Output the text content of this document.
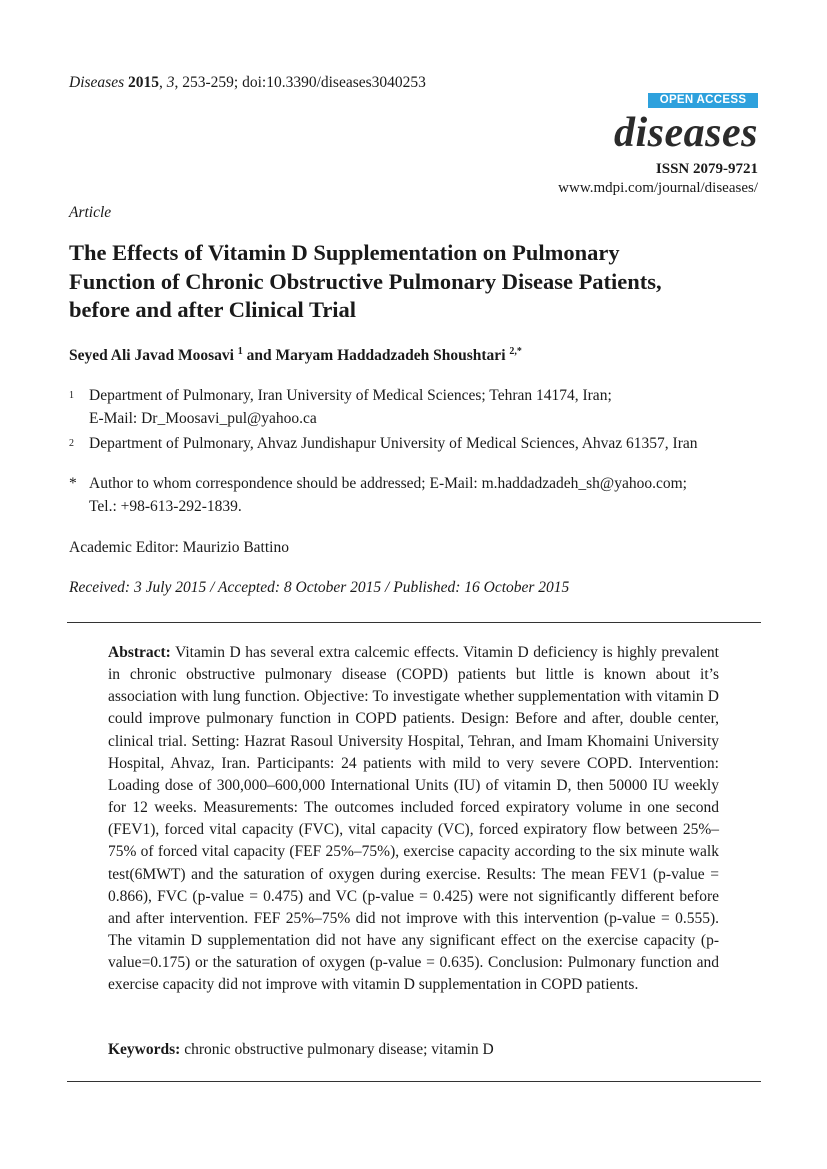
Diseases 2015, 3, 253-259; doi:10.3390/diseases3040253
OPEN ACCESS
diseases
ISSN 2079-9721
www.mdpi.com/journal/diseases/
Article
The Effects of Vitamin D Supplementation on Pulmonary
Function of Chronic Obstructive Pulmonary Disease Patients,
before and after Clinical Trial
Seyed Ali Javad Moosavi $^1$ and Maryam Haddadzadeh Shoushtari $^{2,*}$
1 Department of Pulmonary, Iran University of Medical Sciences; Tehran 14174, Iran;
E-Mail: Dr_Moosavi_pul@yahoo.ca
2 Department of Pulmonary, Ahvaz Jundishapur University of Medical Sciences, Ahvaz 61357, Iran
* Author to whom correspondence should be addressed; E-Mail: m.haddadzadeh_sh@yahoo.com;
Tel.: +98-613-292-1839.
Academic Editor: Maurizio Battino
Received: 3 July 2015 / Accepted: 8 October 2015 / Published: 16 October 2015
Abstract: Vitamin D has several extra calcemic effects. Vitamin D deficiency is highly prevalent in chronic obstructive pulmonary disease (COPD) patients but little is known about it’s association with lung function. Objective: To investigate whether supplementation with vitamin D could improve pulmonary function in COPD patients. Design: Before and after, double center, clinical trial. Setting: Hazrat Rasoul University Hospital, Tehran, and Imam Khomaini University Hospital, Ahvaz, Iran. Participants: 24 patients with mild to very severe COPD. Intervention: Loading dose of 300,000–600,000 International Units (IU) of vitamin D, then 50000 IU weekly for 12 weeks. Measurements: The outcomes included forced expiratory volume in one second (FEV1), forced vital capacity (FVC), vital capacity (VC), forced expiratory flow between 25%–75% of forced vital capacity (FEF 25%–75%), exercise capacity according to the six minute walk test(6MWT) and the saturation of oxygen during exercise. Results: The mean FEV1 (p-value = 0.866), FVC (p-value = 0.475) and VC (p-value = 0.425) were not significantly different before and after intervention. FEF 25%–75% did not improve with this intervention (p-value = 0.555). The vitamin D supplementation did not have any significant effect on the exercise capacity (p-value=0.175) or the saturation of oxygen (p-value = 0.635). Conclusion: Pulmonary function and exercise capacity did not improve with vitamin D supplementation in COPD patients.
Keywords: chronic obstructive pulmonary disease; vitamin D
